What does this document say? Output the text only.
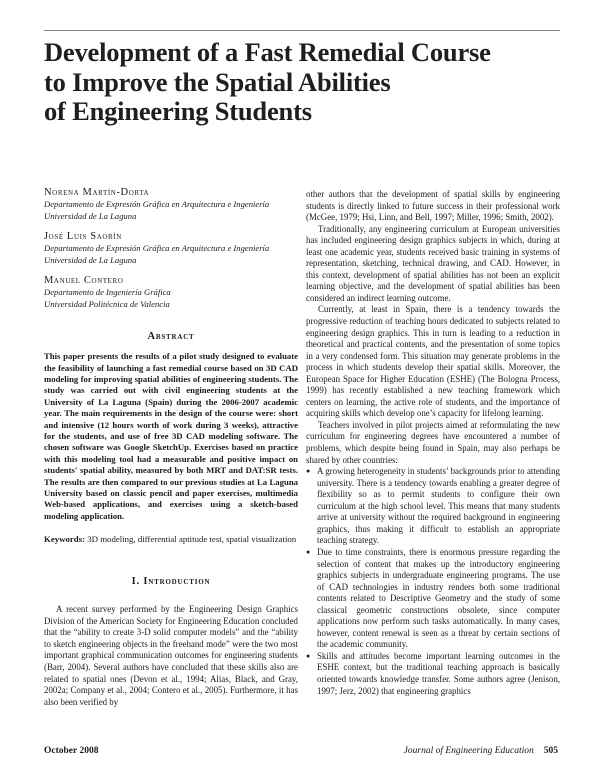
Development of a Fast Remedial Course
to Improve the Spatial Abilities
of Engineering Students

Norena Martín-Dorta

Departamento de Expresión Gráfica en Arquitectura e Ingeniería

Universidad de La Laguna

José Luis Saorín

Departamento de Expresión Gráfica en Arquitectura e Ingeniería

Universidad de La Laguna

Manuel Contero

Departamento de Ingeniería Gráfica

Universidad Politécnica de Valencia

Abstract

This paper presents the results of a pilot study designed to evaluate the feasibility of launching a fast remedial course based on 3D CAD modeling for improving spatial abilities of engineering students. The study was carried out with civil engineering students at the University of La Laguna (Spain) during the 2006-2007 academic year. The main requirements in the design of the course were: short and intensive (12 hours worth of work during 3 weeks), attractive for the students, and use of free 3D CAD modeling software. The chosen software was Google SketchUp. Exercises based on practice with this modeling tool had a measurable and positive impact on students' spatial ability, measured by both MRT and DAT:SR tests. The results are then compared to our previous studies at La Laguna University based on classic pencil and paper exercises, multimedia Web-based applications, and exercises using a sketch-based modeling application.

Keywords: 3D modeling, differential aptitude test, spatial visualization

I. Introduction

A recent survey performed by the Engineering Design Graphics Division of the American Society for Engineering Education concluded that the “ability to create 3-D solid computer models” and the “ability to sketch engineering objects in the freehand mode” were the two most important graphical communication outcomes for engineering students (Barr, 2004). Several authors have concluded that these skills also are related to spatial ones (Devon et al., 1994; Alias, Black, and Gray, 2002a; Company et al., 2004; Contero et al., 2005). Furthermore, it has also been verified by

other authors that the development of spatial skills by engineering students is directly linked to future success in their professional work (McGee, 1979; Hsi, Linn, and Bell, 1997; Miller, 1996; Smith, 2002).

Traditionally, any engineering curriculum at European universities has included engineering design graphics subjects in which, during at least one academic year, students received basic training in systems of representation, sketching, technical drawing, and CAD. However, in this context, development of spatial abilities has not been an explicit learning objective, and the development of spatial abilities has been considered an indirect learning outcome.

Currently, at least in Spain, there is a tendency towards the progressive reduction of teaching hours dedicated to subjects related to engineering design graphics. This in turn is leading to a reduction in theoretical and practical contents, and the presentation of some topics in a very condensed form. This situation may generate problems in the process in which students develop their spatial skills. Moreover, the European Space for Higher Education (ESHE) (The Bologna Process, 1999) has recently established a new teaching framework which centers on learning, the active role of students, and the importance of acquiring skills which develop one’s capacity for lifelong learning.

Teachers involved in pilot projects aimed at reformulating the new curriculum for engineering degrees have encountered a number of problems, which despite being found in Spain, may also perhaps be shared by other countries:

● A growing heterogeneity in students’ backgrounds prior to attending university. There is a tendency towards enabling a greater degree of flexibility so as to permit students to configure their own curriculum at the high school level. This means that many students arrive at university without the required background in engineering graphics, thus making it difficult to establish an appropriate teaching strategy.
● Due to time constraints, there is enormous pressure regarding the selection of content that makes up the introductory engineering graphics subjects in undergraduate engineering programs. The use of CAD technologies in industry renders both some traditional contents related to Descriptive Geometry and the study of some classical geometric constructions obsolete, since computer applications now perform such tasks automatically. In many cases, however, content renewal is seen as a threat by certain sections of the academic community.
● Skills and attitudes become important learning outcomes in the ESHE context, but the traditional teaching approach is basically oriented towards knowledge transfer. Some authors agree (Jenison, 1997; Jerz, 2002) that engineering graphics
October 2008	Journal of Engineering Education 505
